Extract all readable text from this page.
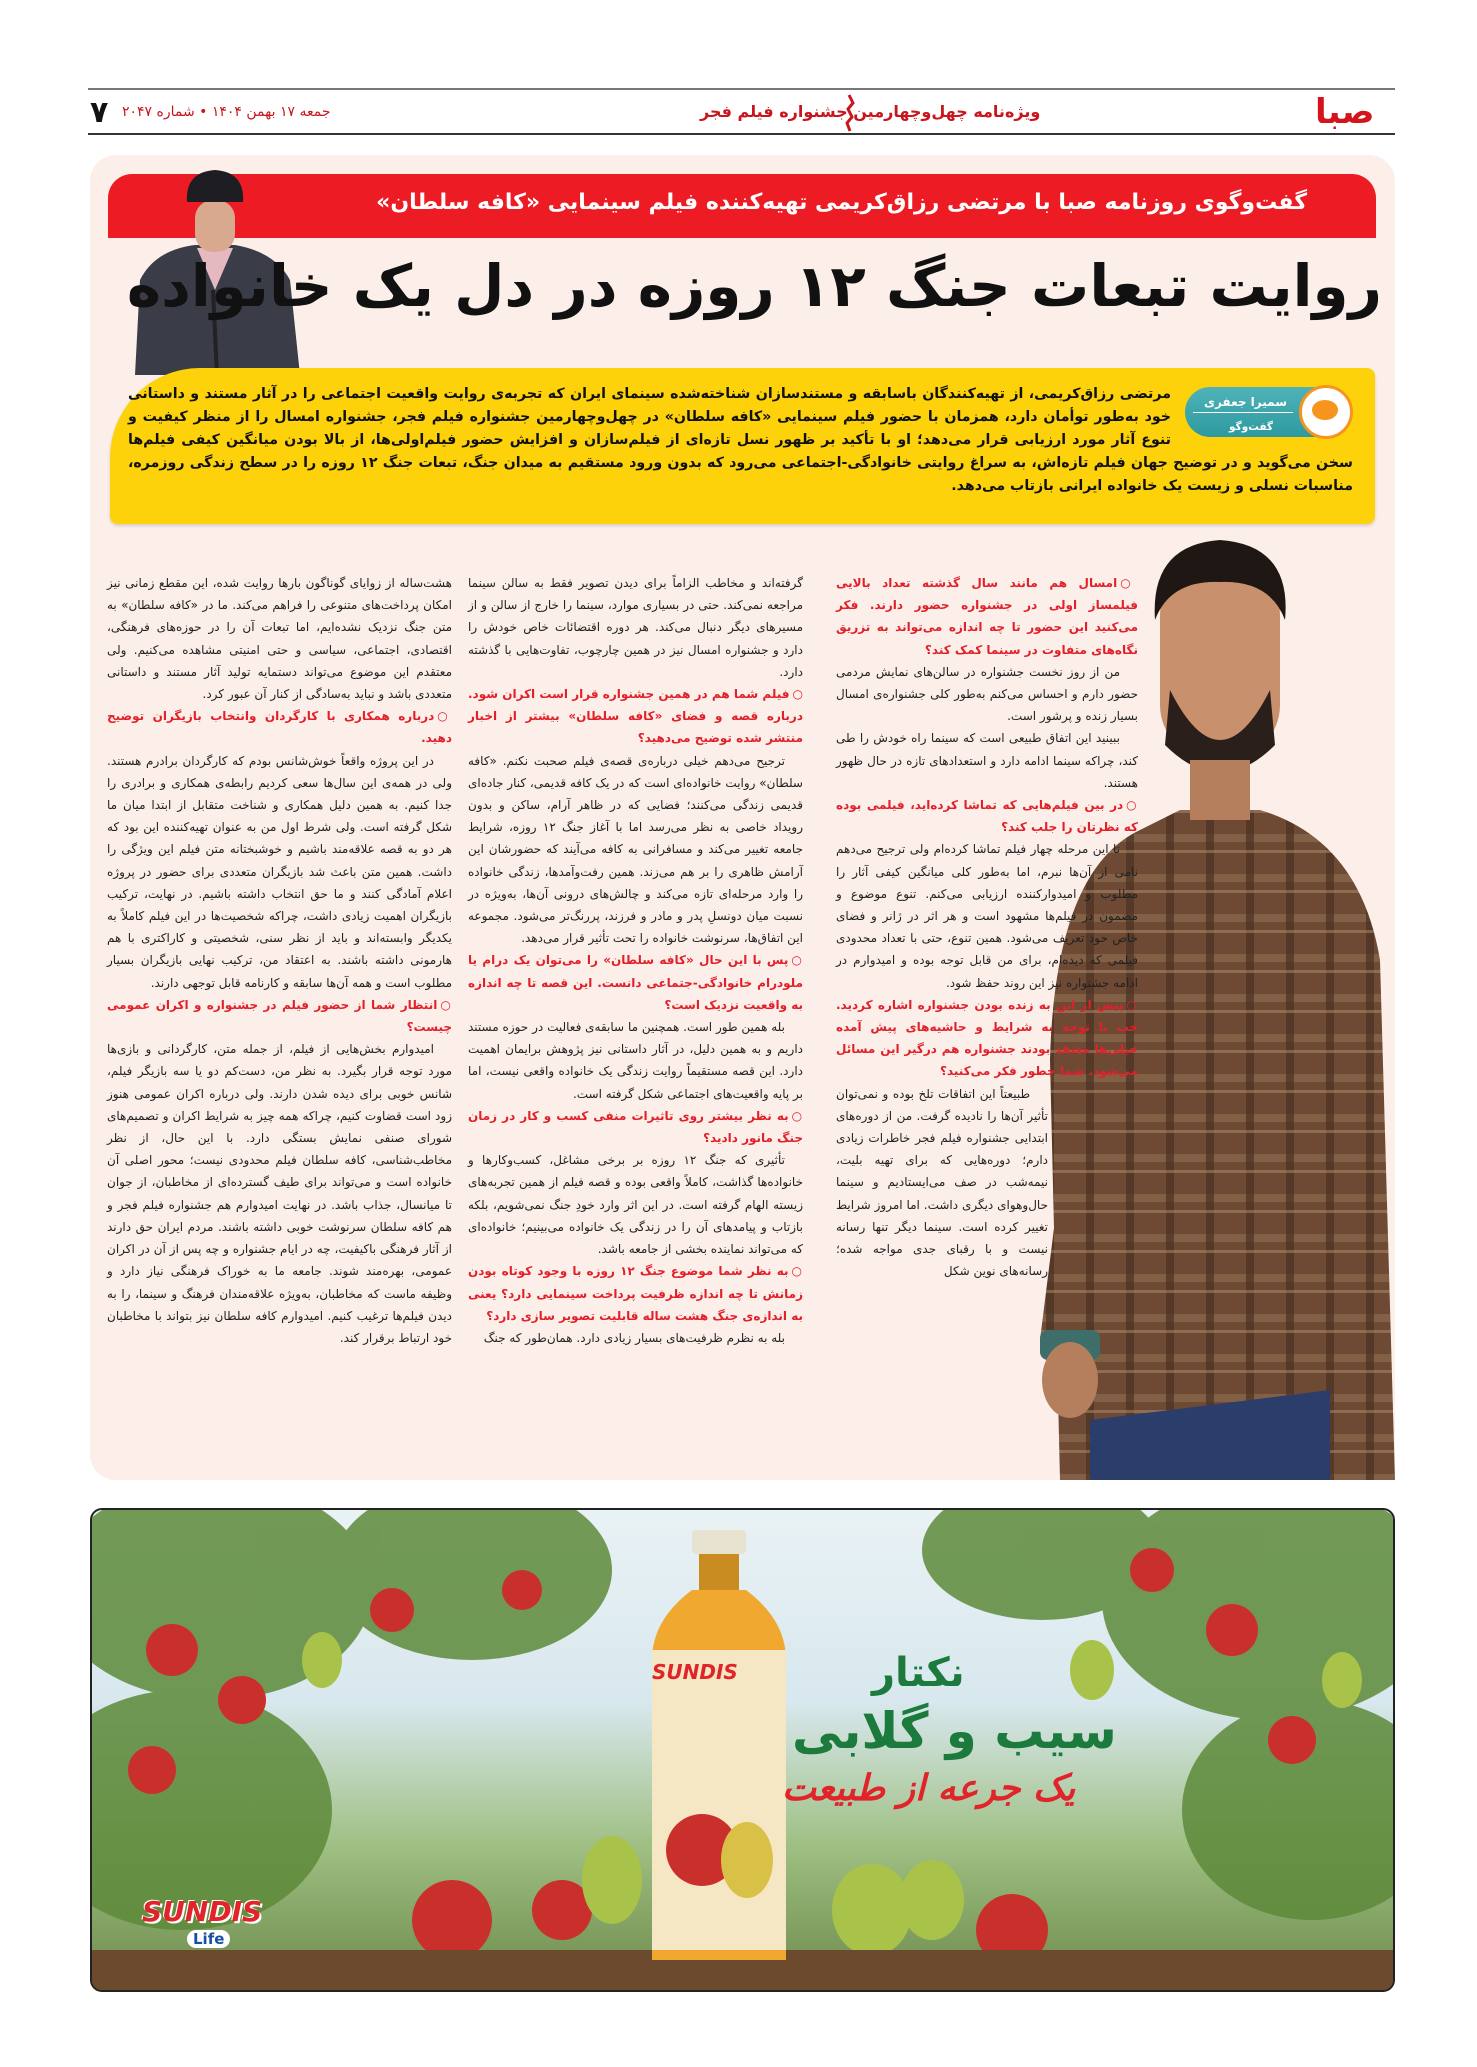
۷ جمعه ۱۷ بهمن ۱۴۰۴ • شماره ۲۰۴۷	ویژه‌نامه چهل‌وچهارمین جشنواره فیلم فجر	صبا
گفت‌وگوی روزنامه صبا با مرتضی رزاق‌کریمی تهیه‌کننده فیلم سینمایی «کافه سلطان»
روایت تبعات جنگ ۱۲ روزه در دل یک خانواده
سمیرا جعفری
گفت‌وگو
مرتضی رزاق‌کریمی، از تهیه‌کنندگان باسابقه و مستندسازان شناخته‌شده سینمای ایران که تجربه‌ی روایت واقعیت اجتماعی را در آثار مستند و داستانی خود به‌طور توأمان دارد، همزمان با حضور فیلم سینمایی «کافه سلطان» در چهل‌وچهارمین جشنواره فیلم فجر، جشنواره امسال را از منظر کیفیت و تنوع آثار مورد ارزیابی قرار می‌دهد؛ او با تأکید بر ظهور نسل تازه‌ای از فیلم‌سازان و افزایش حضور فیلم‌اولی‌ها، از بالا بودن میانگین کیفی فیلم‌ها سخن می‌گوید و در توضیح جهان فیلم تازه‌اش، به سراغ روایتی خانوادگی-اجتماعی می‌رود که بدون ورود مستقیم به میدان جنگ، تبعات جنگ ۱۲ روزه را در سطح زندگی روزمره، مناسبات نسلی و زیست یک خانواده ایرانی بازتاب می‌دهد.

هشت‌ساله از زوایای گوناگون بارها روایت شده، این مقطع زمانی نیز امکان پرداخت‌های متنوعی را فراهم می‌کند. ما در «کافه سلطان» به متن جنگ نزدیک نشده‌ایم، اما تبعات آن را در حوزه‌های فرهنگی، اقتصادی، اجتماعی، سیاسی و حتی امنیتی مشاهده می‌کنیم. ولی معتقدم این موضوع می‌تواند دستمایه تولید آثار مستند و داستانی متعددی باشد و نباید به‌سادگی از کنار آن عبور کرد.

○ درباره همکاری با کارگردان وانتخاب بازیگران توضیح دهید.

در این پروژه واقعاً خوش‌شانس بودم که کارگردان برادرم هستند. ولی در همه‌ی این سال‌ها سعی کردیم رابطه‌ی همکاری و برادری را جدا کنیم. به همین دلیل همکاری و شناخت متقابل از ابتدا میان ما شکل گرفته است. ولی شرط اول من به عنوان تهیه‌کننده این بود که هر دو به قصه علاقه‌مند باشیم و خوشبختانه متن فیلم این ویژگی را داشت. همین متن باعث شد بازیگران متعددی برای حضور در پروژه اعلام آمادگی کنند و ما حق انتخاب داشته باشیم. در نهایت، ترکیب بازیگران اهمیت زیادی داشت، چراکه شخصیت‌ها در این فیلم کاملاً به یکدیگر وابسته‌اند و باید از نظر سنی، شخصیتی و کاراکتری با هم هارمونی داشته باشند. به اعتقاد من، ترکیب نهایی بازیگران بسیار مطلوب است و همه آن‌ها سابقه و کارنامه قابل توجهی دارند.

○ انتظار شما از حضور فیلم در جشنواره و اکران عمومی چیست؟

امیدوارم بخش‌هایی از فیلم، از جمله متن، کارگردانی و بازی‌ها مورد توجه قرار بگیرد. به نظر من، دست‌کم دو یا سه بازیگر فیلم، شانس خوبی برای دیده شدن دارند. ولی درباره اکران عمومی هنوز زود است قضاوت کنیم، چراکه همه چیز به شرایط اکران و تصمیم‌های شورای صنفی نمایش بستگی دارد. با این حال، از نظر مخاطب‌شناسی، کافه سلطان فیلم محدودی نیست؛ محور اصلی آن خانواده است و می‌تواند برای طیف گسترده‌ای از مخاطبان، از جوان تا میانسال، جذاب باشد. در نهایت امیدوارم هم جشنواره فیلم فجر و هم کافه سلطان سرنوشت خوبی داشته باشند. مردم ایران حق دارند از آثار فرهنگی باکیفیت، چه در ایام جشنواره و چه پس از آن در اکران عمومی، بهره‌مند شوند. جامعه ما به خوراک فرهنگی نیاز دارد و وظیفه ماست که مخاطبان، به‌ویژه علاقه‌مندان فرهنگ و سینما، را به دیدن فیلم‌ها ترغیب کنیم. امیدوارم کافه سلطان نیز بتواند با مخاطبان خود ارتباط برقرار کند.

گرفته‌اند و مخاطب الزاماً برای دیدن تصویر فقط به سالن سینما مراجعه نمی‌کند. حتی در بسیاری موارد، سینما را خارج از سالن و از مسیرهای دیگر دنبال می‌کند. هر دوره اقتضائات خاص خودش را دارد و جشنواره امسال نیز در همین چارچوب، تفاوت‌هایی با گذشته دارد.

○ فیلم شما هم در همین جشنواره قرار است اکران شود. درباره قصه و فضای «کافه سلطان» بیشتر از اخبار منتشر شده توضیح می‌دهید؟

ترجیح می‌دهم خیلی درباره‌ی قصه‌ی فیلم صحبت نکنم. «کافه سلطان» روایت خانواده‌ای است که در یک کافه قدیمی، کنار جاده‌ای قدیمی زندگی می‌کنند؛ فضایی که در ظاهر آرام، ساکن و بدون رویداد خاصی به نظر می‌رسد اما با آغاز جنگ ۱۲ روزه، شرایط جامعه تغییر می‌کند و مسافرانی به کافه می‌آیند که حضورشان این آرامش ظاهری را بر هم می‌زند. همین رفت‌وآمدها، زندگی خانواده را وارد مرحله‌ای تازه می‌کند و چالش‌های درونی آن‌ها، به‌ویژه در نسبت میان دونسلِ پدر و مادر و فرزند، پررنگ‌تر می‌شود. مجموعه این اتفاق‌ها، سرنوشت خانواده را تحت تأثیر قرار می‌دهد.

○ پس با این حال «کافه سلطان» را می‌توان یک درام یا ملودرام خانوادگی-جتماعی دانست. این قصه تا چه اندازه به واقعیت نزدیک است؟

بله همین طور است. همچنین ما سابقه‌ی فعالیت در حوزه مستند داریم و به همین دلیل، در آثار داستانی نیز پژوهش برایمان اهمیت دارد. این قصه مستقیماً روایت زندگی یک خانواده واقعی نیست، اما بر پایه واقعیت‌های اجتماعی شکل گرفته است.

○ به نظر بیشتر روی تاثیرات منفی کسب و کار در زمان جنگ مانور دادید؟

تأثیری که جنگ ۱۲ روزه بر برخی مشاغل، کسب‌وکارها و خانواده‌ها گذاشت، کاملاً واقعی بوده و قصه فیلم از همین تجربه‌های زیسته الهام گرفته است. در این اثر وارد خودِ جنگ نمی‌شویم، بلکه بازتاب و پیامدهای آن را در زندگی یک خانواده می‌بینیم؛ خانواده‌ای که می‌تواند نماینده بخشی از جامعه باشد.

○ به نظر شما موضوع جنگ ۱۲ روزه با وجود کوتاه بودن زمانش تا چه اندازه ظرفیت پرداخت سینمایی دارد؟ یعنی به اندازه‌ی جنگ هشت ساله قابلیت تصویر سازی دارد؟

بله به نظرم ظرفیت‌های بسیار زیادی دارد. همان‌طور که جنگ

○ امسال هم مانند سال گذشته تعداد بالایی فیلمساز اولی در جشنواره حضور دارند. فکر می‌کنید این حضور تا چه اندازه می‌تواند به تزریق نگاه‌های متفاوت در سینما کمک کند؟

من از روز نخست جشنواره در سالن‌های نمایش مردمی حضور دارم و احساس می‌کنم به‌طور کلی جشنواره‌ی امسال بسیار زنده و پرشور است.

ببینید این اتفاق طبیعی است که سینما راه خودش را طی کند، چراکه سینما ادامه دارد و استعدادهای تازه در حال ظهور هستند.

○ در بین فیلم‌هایی که تماشا کرده‌اید، فیلمی بوده که نظرتان را جلب کند؟

تا این مرحله چهار فیلم تماشا کرده‌ام ولی ترجیح می‌دهم نامی از آن‌ها نبرم، اما به‌طور کلی میانگین کیفی آثار را مطلوب و امیدوارکننده ارزیابی می‌کنم. تنوع موضوع و مضمون در فیلم‌ها مشهود است و هر اثر در ژانر و فضای خاص خود تعریف می‌شود. همین تنوع، حتی با تعداد محدودی فیلمی که دیده‌ام، برای من قابل توجه بوده و امیدوارم در ادامه جشنواره نیز این روند حفظ شود.

○ پیش از این به زنده بودن جشنواره اشاره کردید. خب با توجه به شرایط و حاشیه‌های پیش آمده خیلی‌ها معتقد بودند جشنواره هم درگیر این مسائل می‌شود. شما چطور فکر می‌کنید؟

طبیعتاً این اتفاقات تلخ بوده و نمی‌توان تأثیر آن‌ها را نادیده گرفت. من از دوره‌های ابتدایی جشنواره فیلم فجر خاطرات زیادی دارم؛ دوره‌هایی که برای تهیه بلیت، نیمه‌شب در صف می‌ایستادیم و سینما حال‌وهوای دیگری داشت. اما امروز شرایط تغییر کرده است. سینما دیگر تنها رسانه نیست و با رقبای جدی مواجه شده؛ رسانه‌های نوین شکل

SUNDIS	نکتار
سیب و گلابی
یک جرعه از طبیعت
SUNDIS
Life
